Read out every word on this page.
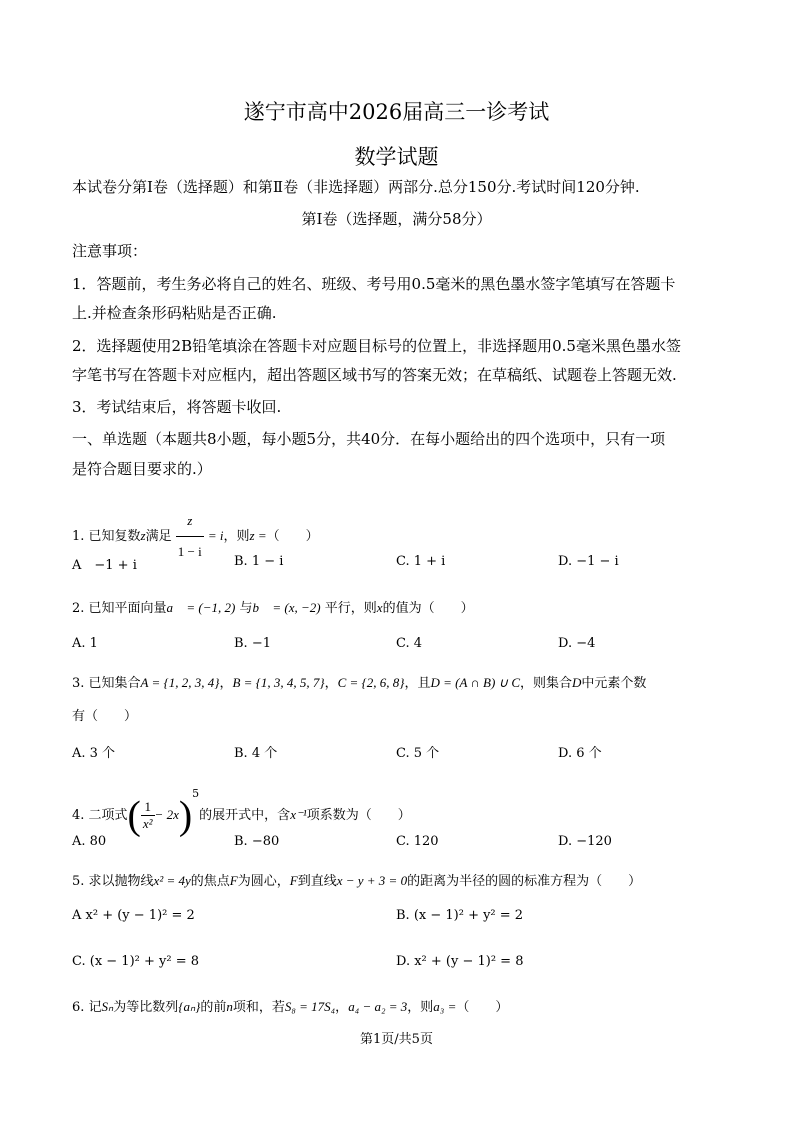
遂宁市高中2026届高三一诊考试
数学试题
本试卷分第Ⅰ卷（选择题）和第Ⅱ卷（非选择题）两部分.总分150分.考试时间120分钟.
第Ⅰ卷（选择题，满分58分）
注意事项：
1．答题前，考生务必将自己的姓名、班级、考号用0.5毫米的黑色墨水签字笔填写在答题卡
上.并检查条形码粘贴是否正确.
2．选择题使用2B铅笔填涂在答题卡对应题目标号的位置上，非选择题用0.5毫米黑色墨水签
字笔书写在答题卡对应框内，超出答题区域书写的答案无效；在草稿纸、试题卷上答题无效.
3．考试结束后，将答题卡收回.
一、单选题（本题共8小题，每小题5分，共40分．在每小题给出的四个选项中，只有一项
是符合题目要求的.）
1. 已知复数z满足 $\frac{z}{1 - i} = i$，则z =（　　）
A　−1 + i	B. 1 − i	C. 1 + i	D. −1 − i
2. 已知平面向量a⃗ = (−1, 2) 与b⃗ = (x, −2) 平行，则x的值为（　　）
A. 1	B. −1	C. 4	D. −4
3. 已知集合A = {1, 2, 3, 4}，B = {1, 3, 4, 5, 7}，C = {2, 6, 8}，且D = (A ∩ B) ∪ C，则集合D中元素个数
有（　　）
A. 3 个	B. 4 个	C. 5 个	D. 6 个
4. 二项式( $\frac{1}{\text{x²}} - 2x)^5$的展开式中，含x⁻¹项系数为（　　）
A. 80	B. −80	C. 120	D. −120
5. 求以抛物线x² = 4y的焦点F为圆心，F到直线x − y + 3 = 0的距离为半径的圆的标准方程为（　　）
A x² + (y − 1)² = 2	B. (x − 1)² + y² = 2
C. (x − 1)² + y² = 8	D. x² + (y − 1)² = 8
6. 记Sₙ为等比数列{aₙ}的前n项和，若S₈ = 17S₄，a₄ − a₂ = 3，则a₃ =（　　）
第1页/共5页
